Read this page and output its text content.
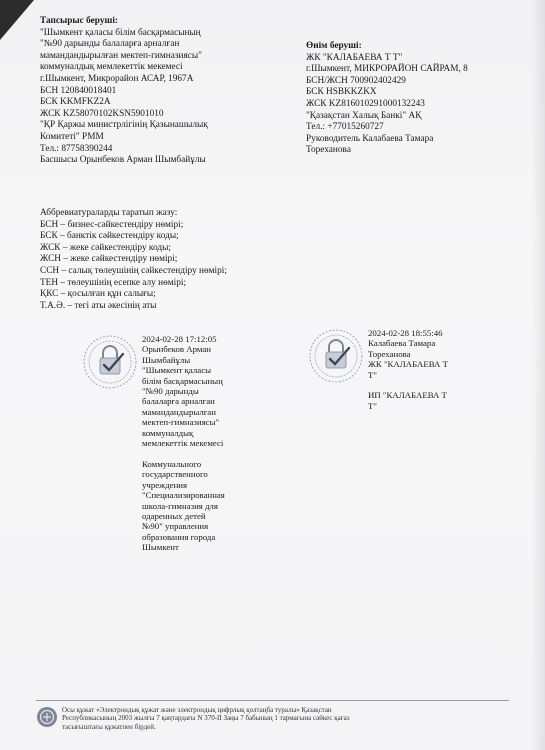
Тапсырыс беруші:
"Шымкент қаласы білім басқармасының
"№90 дарынды балаларға арналған
мамандандырылған мектеп-гимназиясы"
коммуналдық мемлекеттік мекемесі
г.Шымкент, Микрорайон АСАР, 1967А
БСН 120840018401
БСК KKMFKZ2A
ЖСК KZ58070102KSN5901010
"ҚР Қаржы министрлігінің Қазынашылық
Комитеті" РММ
Тел.: 87758390244
Басшысы Орынбеков Арман Шымбайұлы
Өнім беруші:
ЖК "КАЛАБАЕВА Т Т"
г.Шымкент, МИКРОРАЙОН САЙРАМ, 8
БСН/ЖСН 700902402429
БСК HSBKKZKX
ЖСК KZ816010291000132243
"Қазақстан Халық Банкі" АҚ
Тел.: +77015260727
Руководитель Калабаева Тамара
Тореханова
Аббревиатураларды таратып жазу:
БСН – бизнес-сәйкестендіру нөмірі;
БСК – банктік сәйкестендіру коды;
ЖСК – жеке сәйкестендіру коды;
ЖСН – жеке сәйкестендіру нөмірі;
ССН – салық төлеушінің сәйкестендіру нөмірі;
ТЕН – төлеушінің есепке алу нөмірі;
ҚКС – қосылған құн салығы;
Т.А.Ә. – тегі аты әкесінің аты
2024-02-28 17:12:05
Орынбеков Арман
Шымбайұлы
"Шымкент қаласы
білім басқармасының
"№90 дарынды
балаларға арналған
мамандандырылған
мектеп-гимназиясы"
коммуналдық
мемлекеттік мекемесі

Коммунального
государственного
учреждения
"Специализированная
школа-гимназия для
одаренных детей
№90" управления
образования города
Шымкент
2024-02-28 18:55:46
Калабаева Тамара
Тореханова
ЖК "КАЛАБАЕВА Т
Т"

ИП "КАЛАБАЕВА Т
Т"
Осы құжат «Электрондық құжат және электрондық цифрлық қолтаңба туралы» Қазақстан
Республикасының 2003 жылғы 7 қаңтардағы N 370-II Заңы 7 бабының 1 тармағына сәйкес қағаз
тасығыштағы құжатпен бірдей.
